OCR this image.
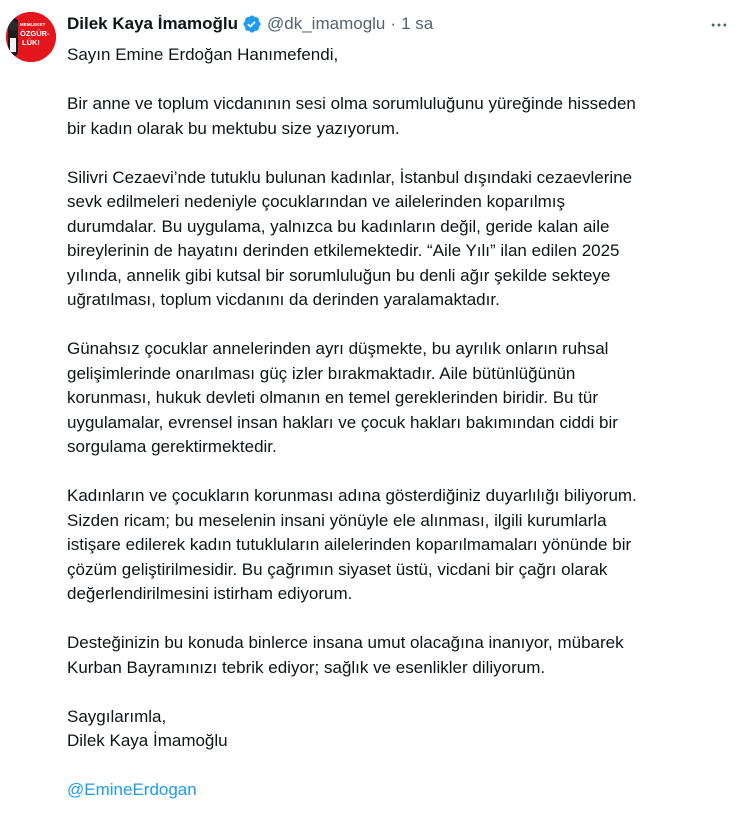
MEMLEKET
ÖZGÜR-
LÜK!
Dilek Kaya İmamoğlu @dk_imamoglu · 1 sa

Sayın Emine Erdoğan Hanımefendi,

Bir anne ve toplum vicdanının sesi olma sorumluluğunu yüreğinde hisseden
bir kadın olarak bu mektubu size yazıyorum.

Silivri Cezaevi’nde tutuklu bulunan kadınlar, İstanbul dışındaki cezaevlerine
sevk edilmeleri nedeniyle çocuklarından ve ailelerinden koparılmış
durumdalar. Bu uygulama, yalnızca bu kadınların değil, geride kalan aile
bireylerinin de hayatını derinden etkilemektedir. “Aile Yılı” ilan edilen 2025
yılında, annelik gibi kutsal bir sorumluluğun bu denli ağır şekilde sekteye
uğratılması, toplum vicdanını da derinden yaralamaktadır.

Günahsız çocuklar annelerinden ayrı düşmekte, bu ayrılık onların ruhsal
gelişimlerinde onarılması güç izler bırakmaktadır. Aile bütünlüğünün
korunması, hukuk devleti olmanın en temel gereklerinden biridir. Bu tür
uygulamalar, evrensel insan hakları ve çocuk hakları bakımından ciddi bir
sorgulama gerektirmektedir.

Kadınların ve çocukların korunması adına gösterdiğiniz duyarlılığı biliyorum.
Sizden ricam; bu meselenin insani yönüyle ele alınması, ilgili kurumlarla
istişare edilerek kadın tutukluların ailelerinden koparılmamaları yönünde bir
çözüm geliştirilmesidir. Bu çağrımın siyaset üstü, vicdani bir çağrı olarak
değerlendirilmesini istirham ediyorum.

Desteğinizin bu konuda binlerce insana umut olacağına inanıyor, mübarek
Kurban Bayramınızı tebrik ediyor; sağlık ve esenlikler diliyorum.

Saygılarımla,
Dilek Kaya İmamoğlu

@EmineErdogan
